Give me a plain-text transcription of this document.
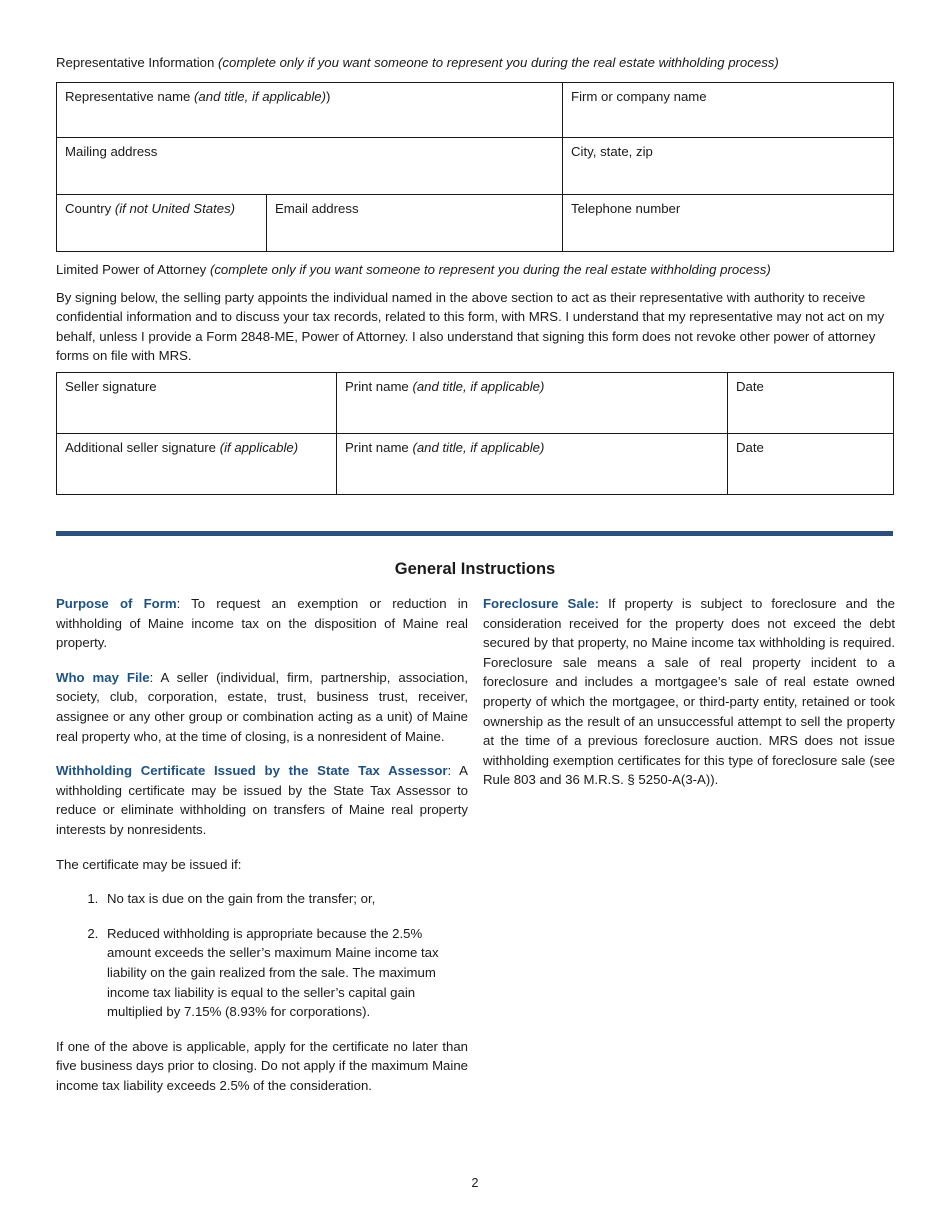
Representative Information (complete only if you want someone to represent you during the real estate withholding process)
Representative name (and title, if applicable))		Firm or company name

Mailing address		City, state, zip

Country (if not United States)	Email address	Telephone number
Limited Power of Attorney (complete only if you want someone to represent you during the real estate withholding process)
By signing below, the selling party appoints the individual named in the above section to act as their representative with authority to receive confidential information and to discuss your tax records, related to this form, with MRS. I understand that my representative may not act on my behalf, unless I provide a Form 2848-ME, Power of Attorney. I also understand that signing this form does not revoke other power of attorney forms on file with MRS.
Seller signature	Print name (and title, if applicable)	Date

Additional seller signature (if applicable)	Print name (and title, if applicable)	Date
General Instructions

Purpose of Form: To request an exemption or reduction in withholding of Maine income tax on the disposition of Maine real property.

Who may File: A seller (individual, firm, partnership, association, society, club, corporation, estate, trust, business trust, receiver, assignee or any other group or combination acting as a unit) of Maine real property who, at the time of closing, is a nonresident of Maine.

Withholding Certificate Issued by the State Tax Assessor: A withholding certificate may be issued by the State Tax Assessor to reduce or eliminate withholding on transfers of Maine real property interests by nonresidents.

The certificate may be issued if:

1. No tax is due on the gain from the transfer; or,
2. Reduced withholding is appropriate because the 2.5% amount exceeds the seller’s maximum Maine income tax liability on the gain realized from the sale. The maximum income tax liability is equal to the seller’s capital gain multiplied by 7.15% (8.93% for corporations).

If one of the above is applicable, apply for the certificate no later than five business days prior to closing. Do not apply if the maximum Maine income tax liability exceeds 2.5% of the consideration.

Foreclosure Sale: If property is subject to foreclosure and the consideration received for the property does not exceed the debt secured by that property, no Maine income tax withholding is required. Foreclosure sale means a sale of real property incident to a foreclosure and includes a mortgagee’s sale of real estate owned property of which the mortgagee, or third-party entity, retained or took ownership as the result of an unsuccessful attempt to sell the property at the time of a previous foreclosure auction. MRS does not issue withholding exemption certificates for this type of foreclosure sale (see Rule 803 and 36 M.R.S. § 5250-A(3-A)).

2
